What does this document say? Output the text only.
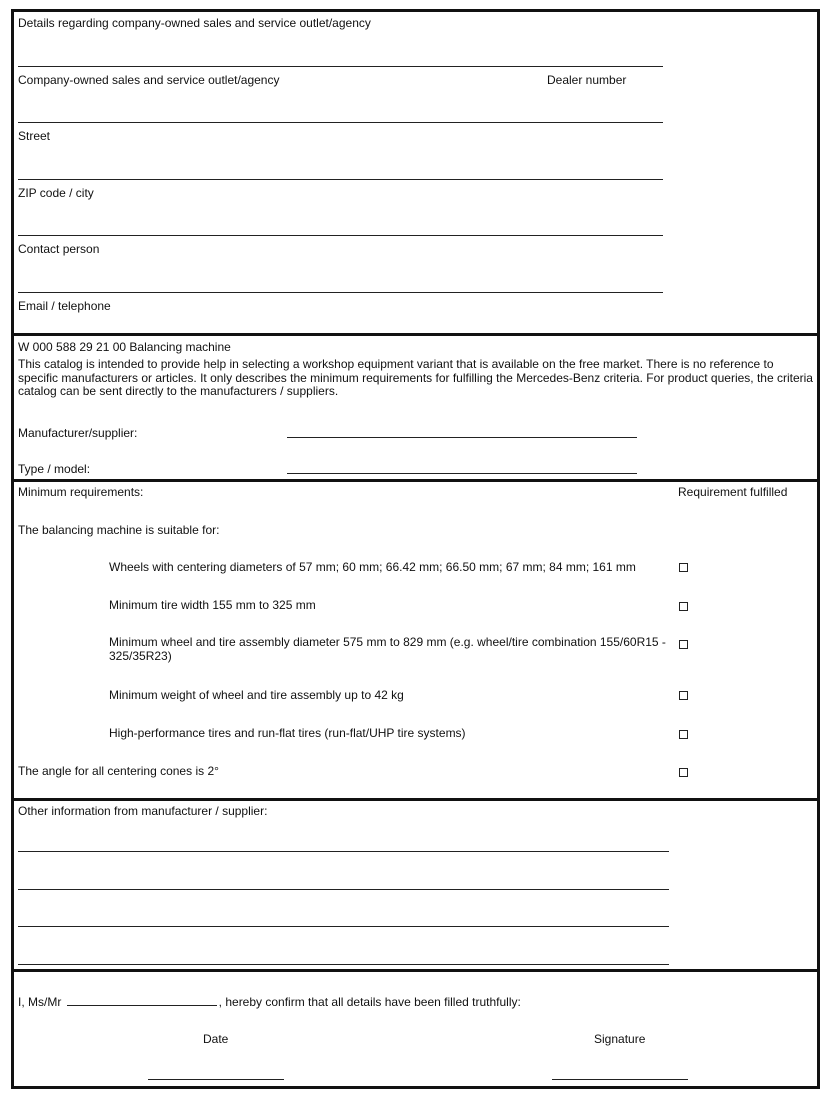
Details regarding company-owned sales and service outlet/agency
Company-owned sales and service outlet/agency	Dealer number
Street
ZIP code / city
Contact person
Email / telephone
W 000 588 29 21 00 Balancing machine
This catalog is intended to provide help in selecting a workshop equipment variant that is available on the free market. There is no reference to specific manufacturers or articles. It only describes the minimum requirements for fulfilling the Mercedes-Benz criteria. For product queries, the criteria catalog can be sent directly to the manufacturers / suppliers.
Manufacturer/supplier:
Type / model:
Minimum requirements:	Requirement fulfilled
The balancing machine is suitable for:
Wheels with centering diameters of 57 mm; 60 mm; 66.42 mm; 66.50 mm; 67 mm; 84 mm; 161 mm
Minimum tire width 155 mm to 325 mm
Minimum wheel and tire assembly diameter 575 mm to 829 mm (e.g. wheel/tire combination 155/60R15 - 325/35R23)
Minimum weight of wheel and tire assembly up to 42 kg
High-performance tires and run-flat tires (run-flat/UHP tire systems)
The angle for all centering cones is 2°
Other information from manufacturer / supplier:
I, Ms/Mr	, hereby confirm that all details have been filled truthfully:
Date	Signature
